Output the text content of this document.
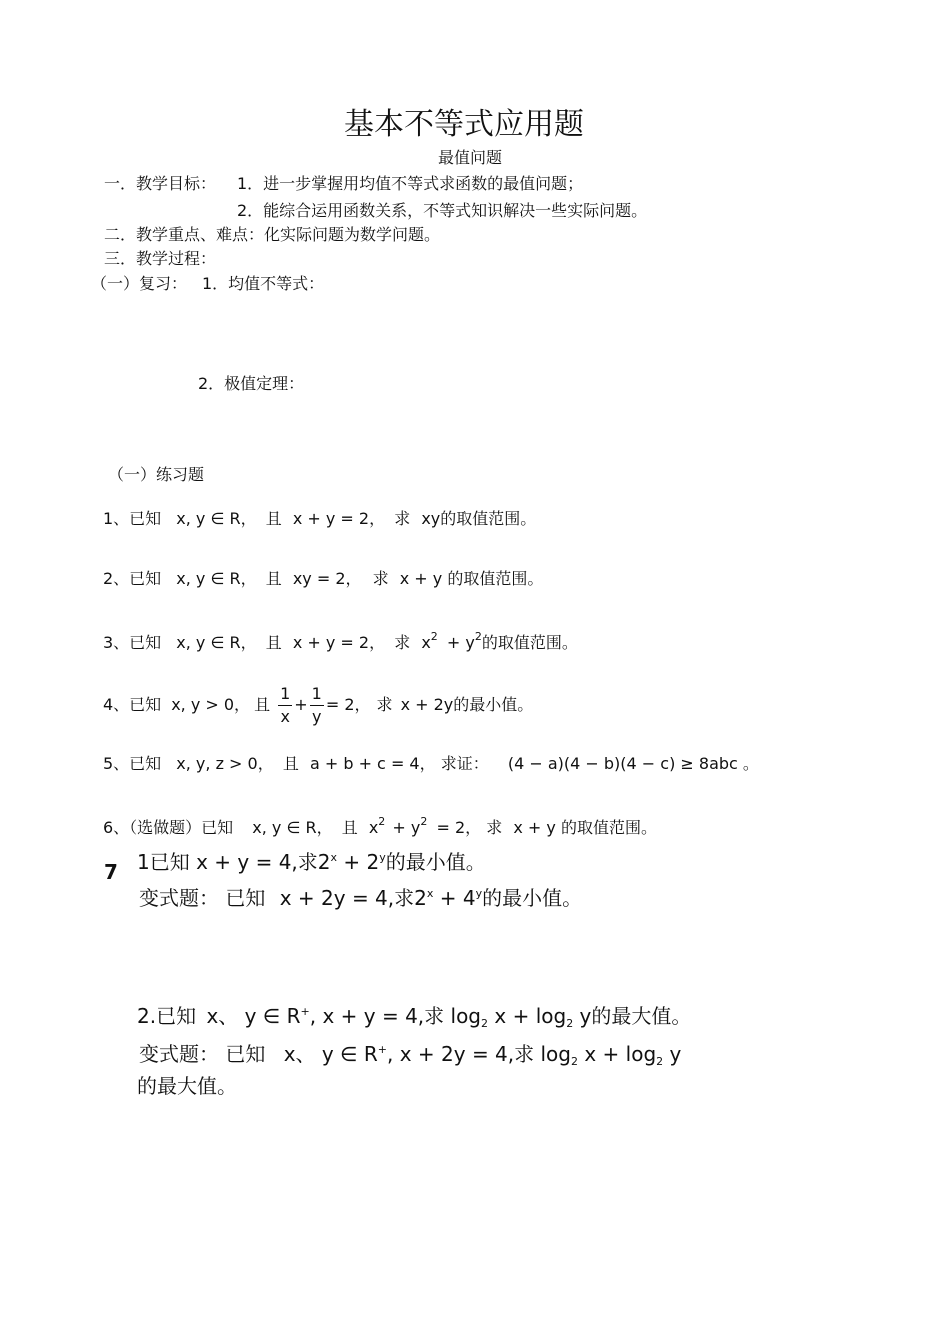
基本不等式应用题
最值问题
一．教学目标： 1．进一步掌握用均值不等式求函数的最值问题；
2．能综合运用函数关系，不等式知识解决一些实际问题。
二．教学重点、难点：化实际问题为数学问题。
三．教学过程：
（一）复习： 1．均值不等式：
2．极值定理：
（一）练习题
1、已知 x, y ∈ R， 且 x + y = 2， 求 xy的取值范围。
2、已知 x, y ∈ R， 且 xy = 2， 求 x + y 的取值范围。
3、已知 x, y ∈ R， 且 x + y = 2， 求 $x^2 + y^2$的取值范围。
4、已知 x, y > 0， 且 $\frac{1}{x} + \frac{1}{y} = 2$， 求 x + 2y 的最小值。
5、已知 x, y, z > 0， 且 a + b + c = 4， 求证： (4 − a)(4 − b)(4 − c) ≥ 8abc 。
6、（选做题）已知 x, y ∈ R， 且 $x^2 + y^2 = 2$， 求 x + y 的取值范围。
7 1已知 x + y = 4,求$2^x + 2^y$的最小值。
变式题： 已知 x + 2y = 4,求$2^x + 4^y$的最小值。
2.已知 x、 y ∈ R+, x + y = 4,求 $\log_2 x + \log_2 y$的最大值。
变式题： 已知 x、 y ∈ R+, x + 2y = 4,求 $\log_2 x + \log_2 y$
的最大值。
